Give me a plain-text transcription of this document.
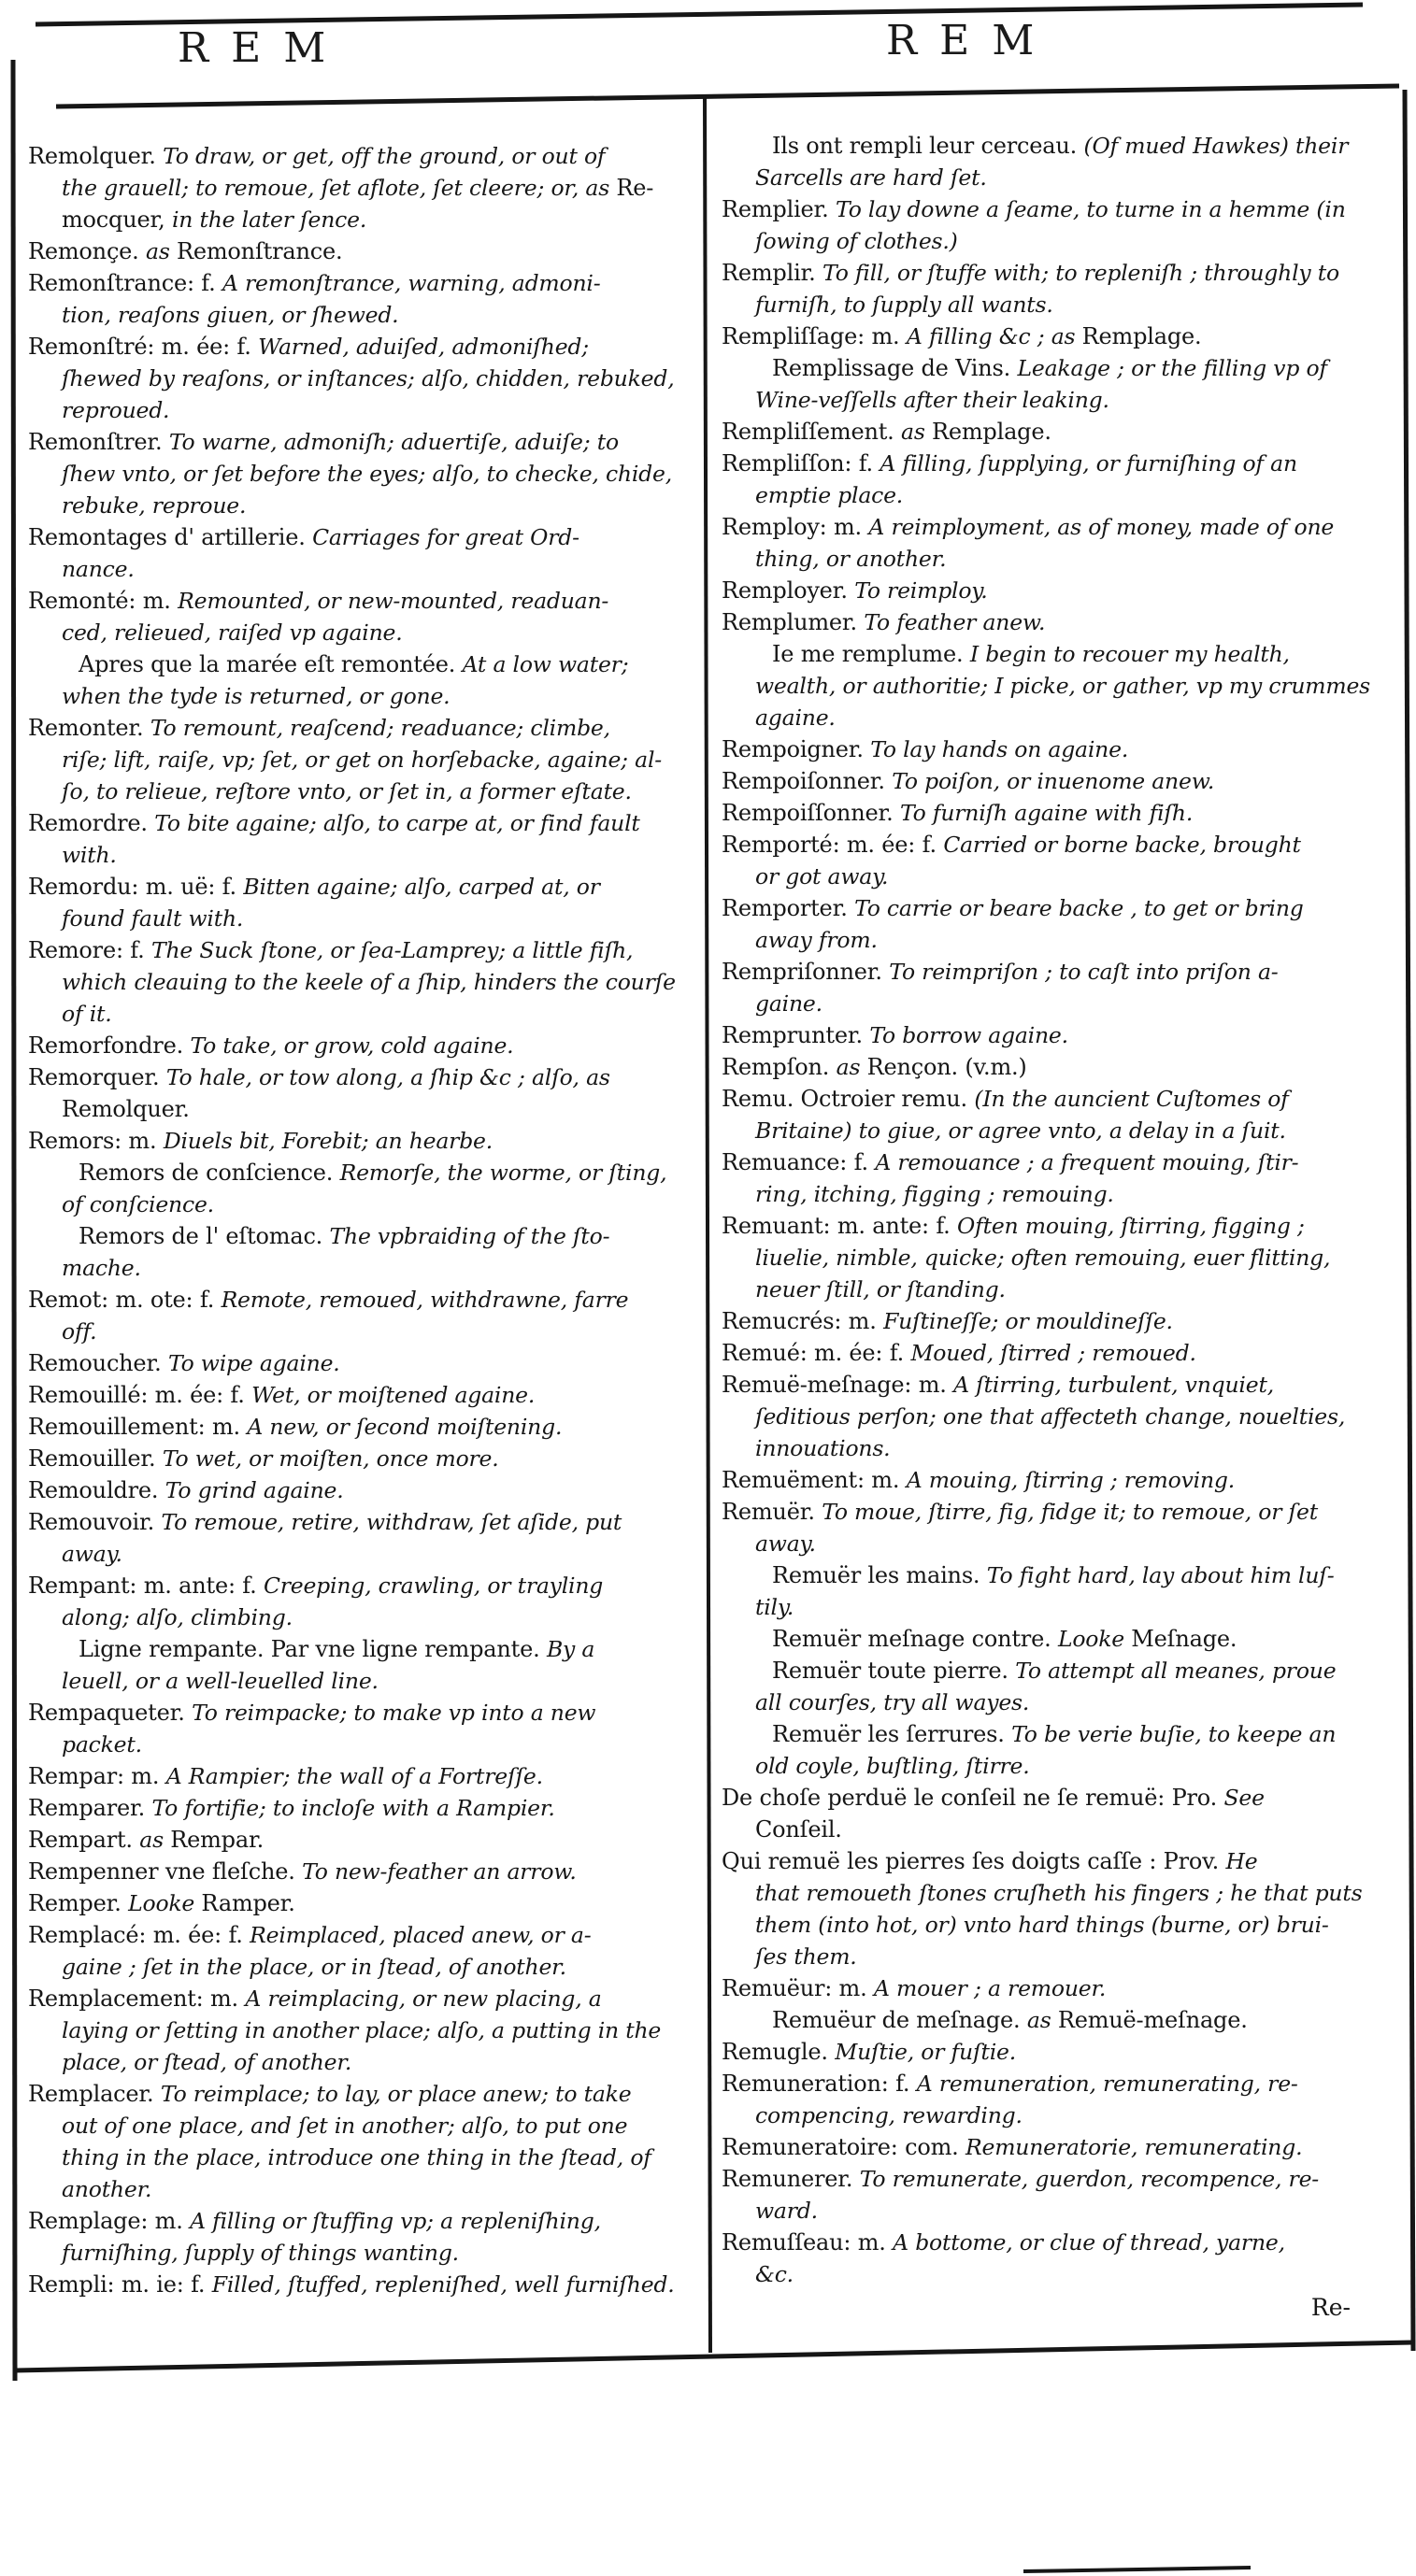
R E M	R E M
Remolquer. To draw, or get, off the ground, or out of
the grauell; to remoue, ſet aflote, ſet cleere; or, as Re-
mocquer, in the later ſence.
Remonçe. as Remonſtrance.
Remonſtrance: f. A remonſtrance, warning, admoni-
tion, reaſons giuen, or ſhewed.
Remonſtré: m. ée: f. Warned, aduiſed, admoniſhed;
ſhewed by reaſons, or inſtances; alſo, chidden, rebuked,
reproued.
Remonſtrer. To warne, admoniſh; aduertiſe, aduiſe; to
ſhew vnto, or ſet before the eyes; alſo, to checke, chide,
rebuke, reproue.
Remontages d' artillerie. Carriages for great Ord-
nance.
Remonté: m. Remounted, or new-mounted, readuan-
ced, relieued, raiſed vp againe.
Apres que la marée eſt remontée. At a low water;
when the tyde is returned, or gone.
Remonter. To remount, reaſcend; readuance; climbe,
riſe; lift, raiſe, vp; ſet, or get on horſebacke, againe; al-
ſo, to relieue, reſtore vnto, or ſet in, a former eſtate.
Remordre. To bite againe; alſo, to carpe at, or find fault
with.
Remordu: m. uë: f. Bitten againe; alſo, carped at, or
found fault with.
Remore: f. The Suck ſtone, or ſea-Lamprey; a little fiſh,
which cleauing to the keele of a ſhip, hinders the courſe
of it.
Remorfondre. To take, or grow, cold againe.
Remorquer. To hale, or tow along, a ſhip &c ; alſo, as
Remolquer.
Remors: m. Diuels bit, Forebit; an hearbe.
Remors de conſcience. Remorſe, the worme, or ſting,
of conſcience.
Remors de l' eſtomac. The vpbraiding of the ſto-
mache.
Remot: m. ote: f. Remote, remoued, withdrawne, farre
off.
Remoucher. To wipe againe.
Remouillé: m. ée: f. Wet, or moiſtened againe.
Remouillement: m. A new, or ſecond moiſtening.
Remouiller. To wet, or moiſten, once more.
Remouldre. To grind againe.
Remouvoir. To remoue, retire, withdraw, ſet aſide, put
away.
Rempant: m. ante: f. Creeping, crawling, or trayling
along; alſo, climbing.
Ligne rempante. Par vne ligne rempante. By a
leuell, or a well-leuelled line.
Rempaqueter. To reimpacke; to make vp into a new
packet.
Rempar: m. A Rampier; the wall of a Fortreſſe.
Remparer. To fortifie; to incloſe with a Rampier.
Rempart. as Rempar.
Rempenner vne fleſche. To new-feather an arrow.
Remper. Looke Ramper.
Remplacé: m. ée: f. Reimplaced, placed anew, or a-
gaine ; ſet in the place, or in ſtead, of another.
Remplacement: m. A reimplacing, or new placing, a
laying or ſetting in another place; alſo, a putting in the
place, or ſtead, of another.
Remplacer. To reimplace; to lay, or place anew; to take
out of one place, and ſet in another; alſo, to put one
thing in the place, introduce one thing in the ſtead, of
another.
Remplage: m. A filling or ſtuffing vp; a repleniſhing,
furniſhing, ſupply of things wanting.
Rempli: m. ie: f. Filled, ſtuffed, repleniſhed, well furniſhed.
Ils ont rempli leur cerceau. (Of mued Hawkes) their
Sarcells are hard ſet.
Remplier. To lay downe a ſeame, to turne in a hemme (in
ſowing of clothes.)
Remplir. To fill, or ſtuffe with; to repleniſh ; throughly to
furniſh, to ſupply all wants.
Rempliſſage: m. A filling &c ; as Remplage.
Remplissage de Vins. Leakage ; or the filling vp of
Wine-veſſells after their leaking.
Rempliſſement. as Remplage.
Rempliſſon: f. A filling, ſupplying, or furniſhing of an
emptie place.
Remploy: m. A reimployment, as of money, made of one
thing, or another.
Remployer. To reimploy.
Remplumer. To feather anew.
Ie me remplume. I begin to recouer my health,
wealth, or authoritie; I picke, or gather, vp my crummes
againe.
Rempoigner. To lay hands on againe.
Rempoiſonner. To poiſon, or inuenome anew.
Rempoiſſonner. To furniſh againe with fiſh.
Remporté: m. ée: f. Carried or borne backe, brought
or got away.
Remporter. To carrie or beare backe , to get or bring
away from.
Rempriſonner. To reimpriſon ; to caſt into priſon a-
gaine.
Remprunter. To borrow againe.
Rempſon. as Rençon. (v.m.)
Remu. Octroier remu. (In the auncient Cuſtomes of
Britaine) to giue, or agree vnto, a delay in a ſuit.
Remuance: f. A remouance ; a frequent mouing, ſtir-
ring, itching, figging ; remouing.
Remuant: m. ante: f. Often mouing, ſtirring, figging ;
liuelie, nimble, quicke; often remouing, euer flitting,
neuer ſtill, or ſtanding.
Remucrés: m. Fuſtineſſe; or mouldineſſe.
Remué: m. ée: f. Moued, ſtirred ; remoued.
Remuë-meſnage: m. A ſtirring, turbulent, vnquiet,
ſeditious perſon; one that affecteth change, nouelties,
innouations.
Remuëment: m. A mouing, ſtirring ; removing.
Remuër. To moue, ſtirre, fig, fidge it; to remoue, or ſet
away.
Remuër les mains. To fight hard, lay about him luſ-
tily.
Remuër meſnage contre. Looke Meſnage.
Remuër toute pierre. To attempt all meanes, proue
all courſes, try all wayes.
Remuër les ſerrures. To be verie buſie, to keepe an
old coyle, buſtling, ſtirre.
De choſe perduë le conſeil ne ſe remuë: Pro. See
Conſeil.
Qui remuë les pierres ſes doigts caſſe : Prov. He
that remoueth ſtones cruſheth his fingers ; he that puts
them (into hot, or) vnto hard things (burne, or) brui-
ſes them.
Remuëur: m. A mouer ; a remouer.
Remuëur de meſnage. as Remuë-meſnage.
Remugle. Muſtie, or fuſtie.
Remuneration: f. A remuneration, remunerating, re-
compencing, rewarding.
Remuneratoire: com. Remuneratorie, remunerating.
Remunerer. To remunerate, guerdon, recompence, re-
ward.
Remuſſeau: m. A bottome, or clue of thread, yarne,
&c.
Re-
